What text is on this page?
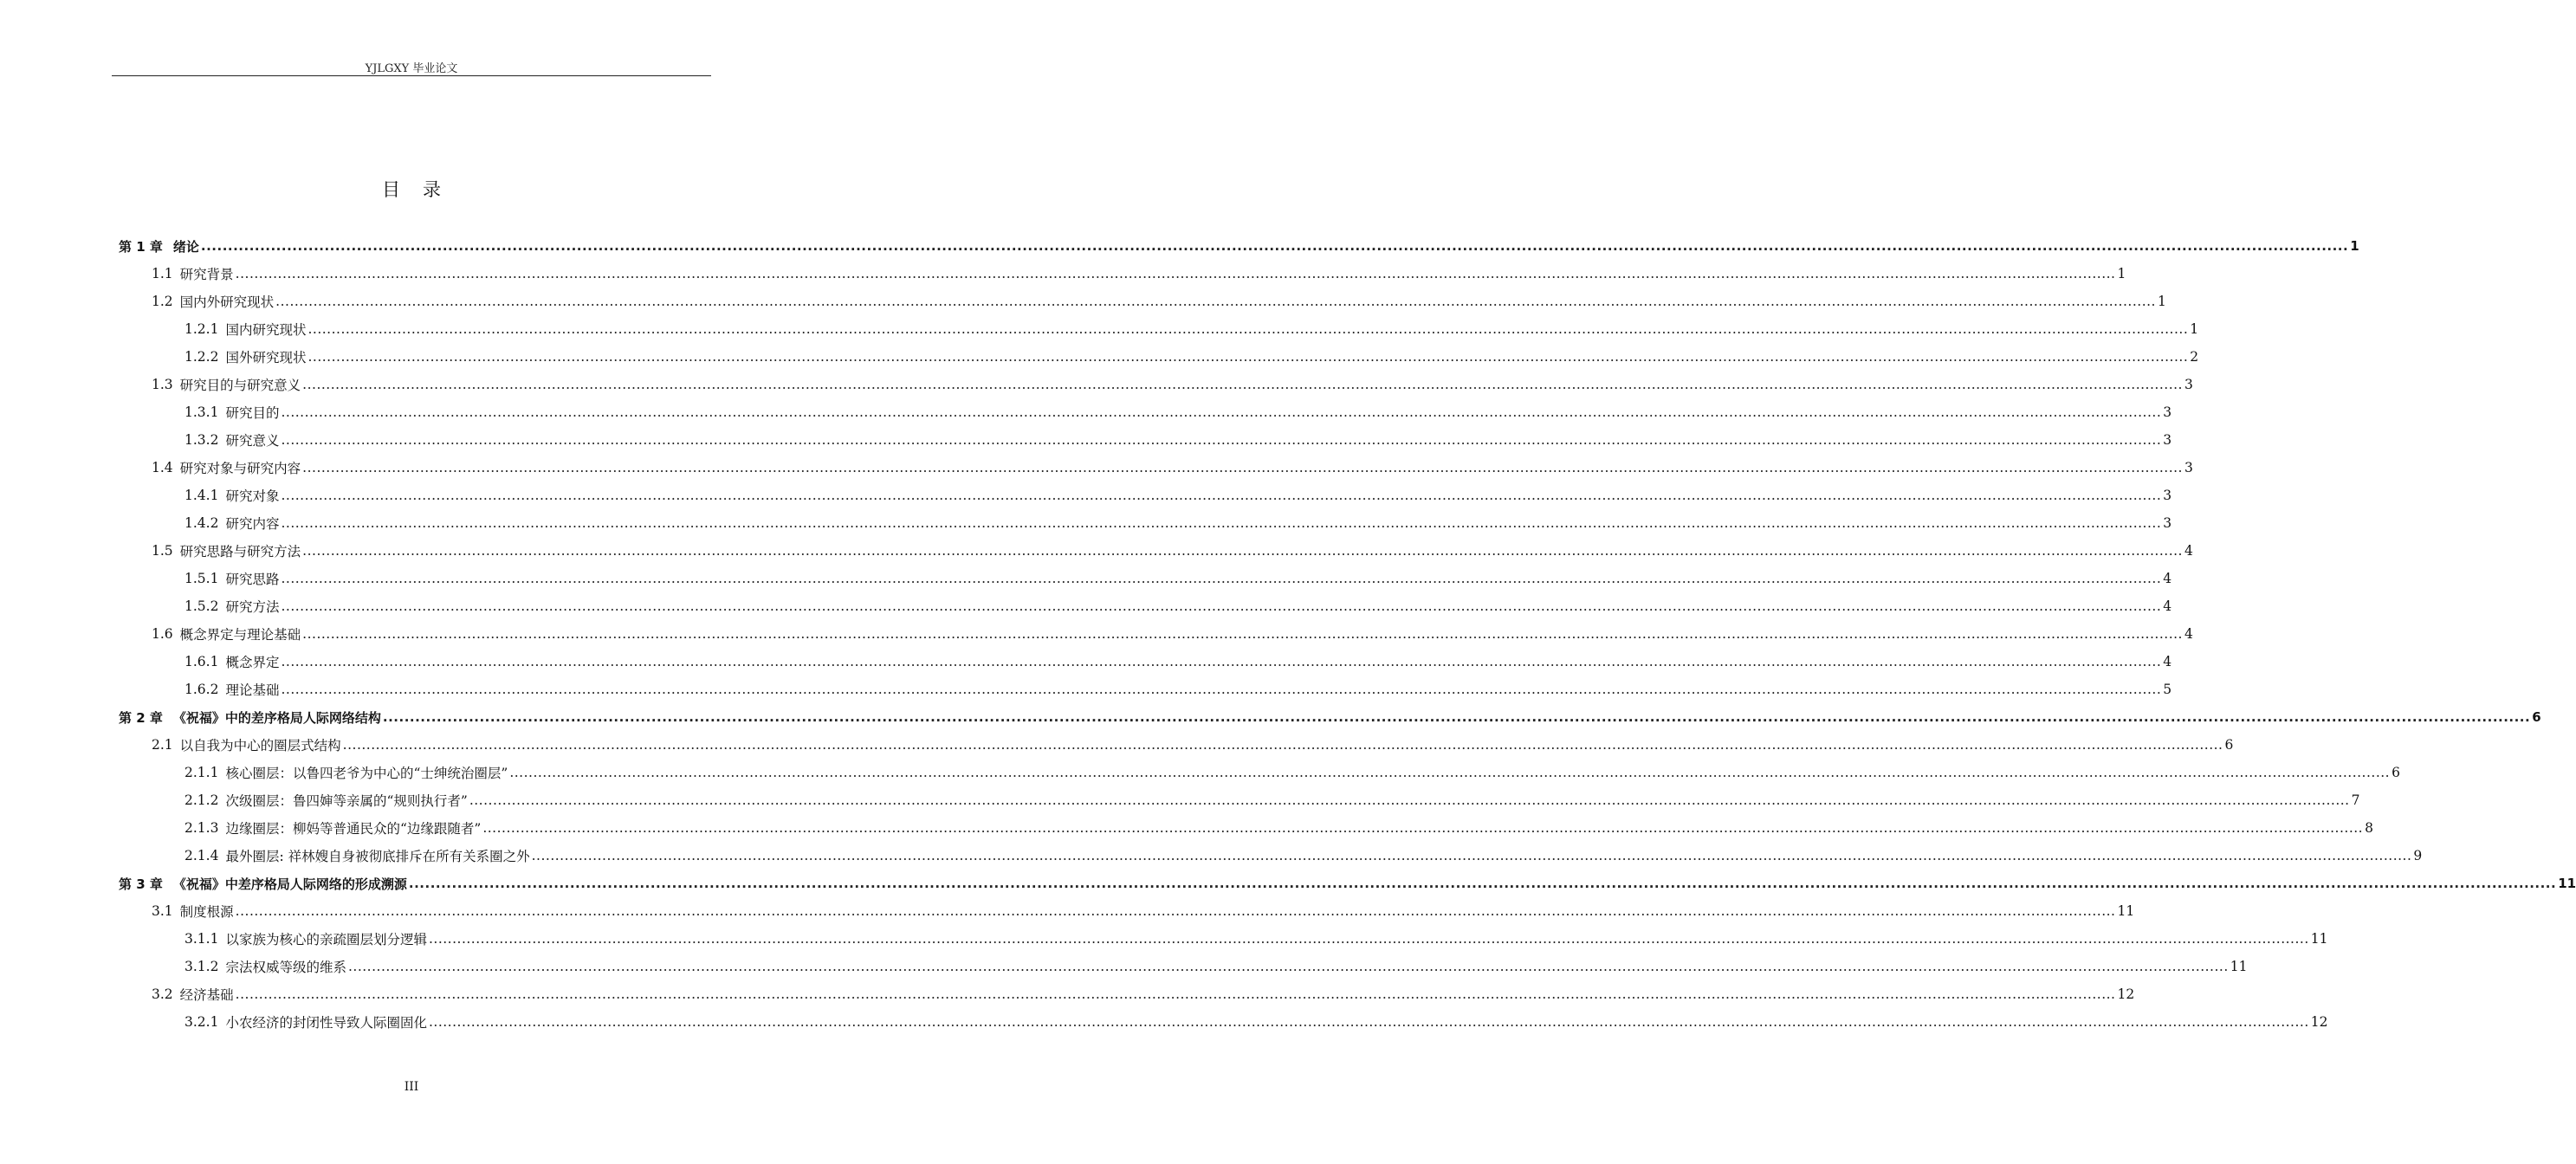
YJLGXY 毕业论文
目录
第 1 章 绪论 ................................................................................................................................................................................................................................................................................................................................................................................................................ 1
1.1 研究背景 ................................................................................................................................................................................................................................................................................................................................................................................................................ 1
1.2 国内外研究现状 ................................................................................................................................................................................................................................................................................................................................................................................................................ 1
1.2.1 国内研究现状 ................................................................................................................................................................................................................................................................................................................................................................................................................ 1
1.2.2 国外研究现状 ................................................................................................................................................................................................................................................................................................................................................................................................................ 2
1.3 研究目的与研究意义 ................................................................................................................................................................................................................................................................................................................................................................................................................ 3
1.3.1 研究目的 ................................................................................................................................................................................................................................................................................................................................................................................................................ 3
1.3.2 研究意义 ................................................................................................................................................................................................................................................................................................................................................................................................................ 3
1.4 研究对象与研究内容 ................................................................................................................................................................................................................................................................................................................................................................................................................ 3
1.4.1 研究对象 ................................................................................................................................................................................................................................................................................................................................................................................................................ 3
1.4.2 研究内容 ................................................................................................................................................................................................................................................................................................................................................................................................................ 3
1.5 研究思路与研究方法 ................................................................................................................................................................................................................................................................................................................................................................................................................ 4
1.5.1 研究思路 ................................................................................................................................................................................................................................................................................................................................................................................................................ 4
1.5.2 研究方法 ................................................................................................................................................................................................................................................................................................................................................................................................................ 4
1.6 概念界定与理论基础 ................................................................................................................................................................................................................................................................................................................................................................................................................ 4
1.6.1 概念界定 ................................................................................................................................................................................................................................................................................................................................................................................................................ 4
1.6.2 理论基础 ................................................................................................................................................................................................................................................................................................................................................................................................................ 5
第 2 章 《祝福》中的差序格局人际网络结构 ................................................................................................................................................................................................................................................................................................................................................................................................................ 6
2.1 以自我为中心的圈层式结构 ................................................................................................................................................................................................................................................................................................................................................................................................................ 6
2.1.1 核心圈层：以鲁四老爷为中心的“士绅统治圈层” ................................................................................................................................................................................................................................................................................................................................................................................................................ 6
2.1.2 次级圈层：鲁四婶等亲属的“规则执行者” ................................................................................................................................................................................................................................................................................................................................................................................................................ 7
2.1.3 边缘圈层：柳妈等普通民众的“边缘跟随者” ................................................................................................................................................................................................................................................................................................................................................................................................................ 8
2.1.4 最外圈层: 祥林嫂自身被彻底排斥在所有关系圈之外 ................................................................................................................................................................................................................................................................................................................................................................................................................ 9
第 3 章 《祝福》中差序格局人际网络的形成溯源 ................................................................................................................................................................................................................................................................................................................................................................................................................ 11
3.1 制度根源 ................................................................................................................................................................................................................................................................................................................................................................................................................ 11
3.1.1 以家族为核心的亲疏圈层划分逻辑 ................................................................................................................................................................................................................................................................................................................................................................................................................ 11
3.1.2 宗法权威等级的维系 ................................................................................................................................................................................................................................................................................................................................................................................................................ 11
3.2 经济基础 ................................................................................................................................................................................................................................................................................................................................................................................................................ 12
3.2.1 小农经济的封闭性导致人际圈固化 ................................................................................................................................................................................................................................................................................................................................................................................................................ 12
III
